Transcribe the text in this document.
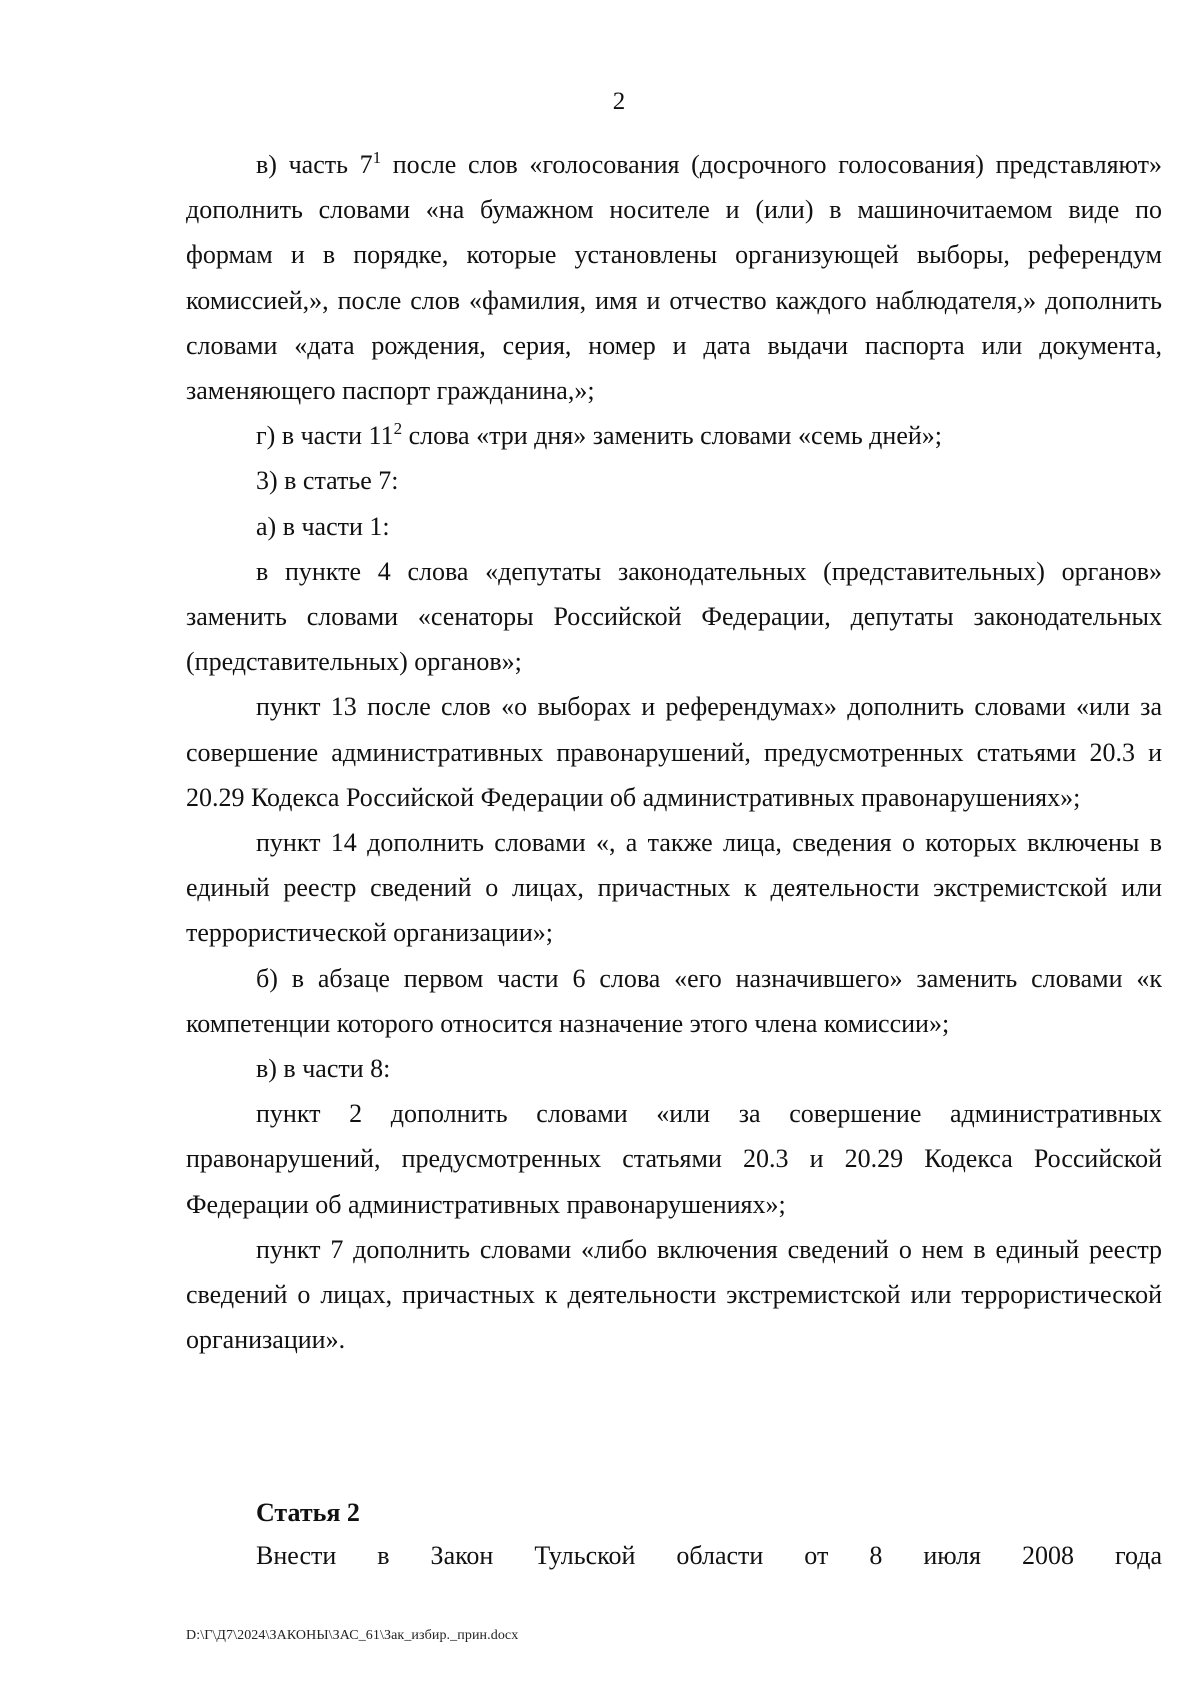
2

в) часть $7^1$ после слов «голосования (досрочного голосования) представляют» дополнить словами «на бумажном носителе и (или) в машиночитаемом виде по формам и в порядке, которые установлены организующей выборы, референдум комиссией,», после слов «фамилия, имя и отчество каждого наблюдателя,» дополнить словами «дата рождения, серия, номер и дата выдачи паспорта или документа, заменяющего паспорт гражданина,»;

г) в части $11^2$ слова «три дня» заменить словами «семь дней»;

3) в статье 7:

а) в части 1:

в пункте 4 слова «депутаты законодательных (представительных) органов» заменить словами «сенаторы Российской Федерации, депутаты законодательных (представительных) органов»;

пункт 13 после слов «о выборах и референдумах» дополнить словами «или за совершение административных правонарушений, предусмотренных статьями 20.3 и 20.29 Кодекса Российской Федерации об административных правонарушениях»;

пункт 14 дополнить словами «, а также лица, сведения о которых включены в единый реестр сведений о лицах, причастных к деятельности экстремистской или террористической организации»;

б) в абзаце первом части 6 слова «его назначившего» заменить словами «к компетенции которого относится назначение этого члена комиссии»;

в) в части 8:

пункт 2 дополнить словами «или за совершение административных правонарушений, предусмотренных статьями 20.3 и 20.29 Кодекса Российской Федерации об административных правонарушениях»;

пункт 7 дополнить словами «либо включения сведений о нем в единый реестр сведений о лицах, причастных к деятельности экстремистской или террористической организации».

Статья 2

Внести в Закон Тульской области от 8 июля 2008 года

D:\Г\Д7\2024\ЗАКОНЫ\ЗАС_61\Зак_избир._прин.docx
